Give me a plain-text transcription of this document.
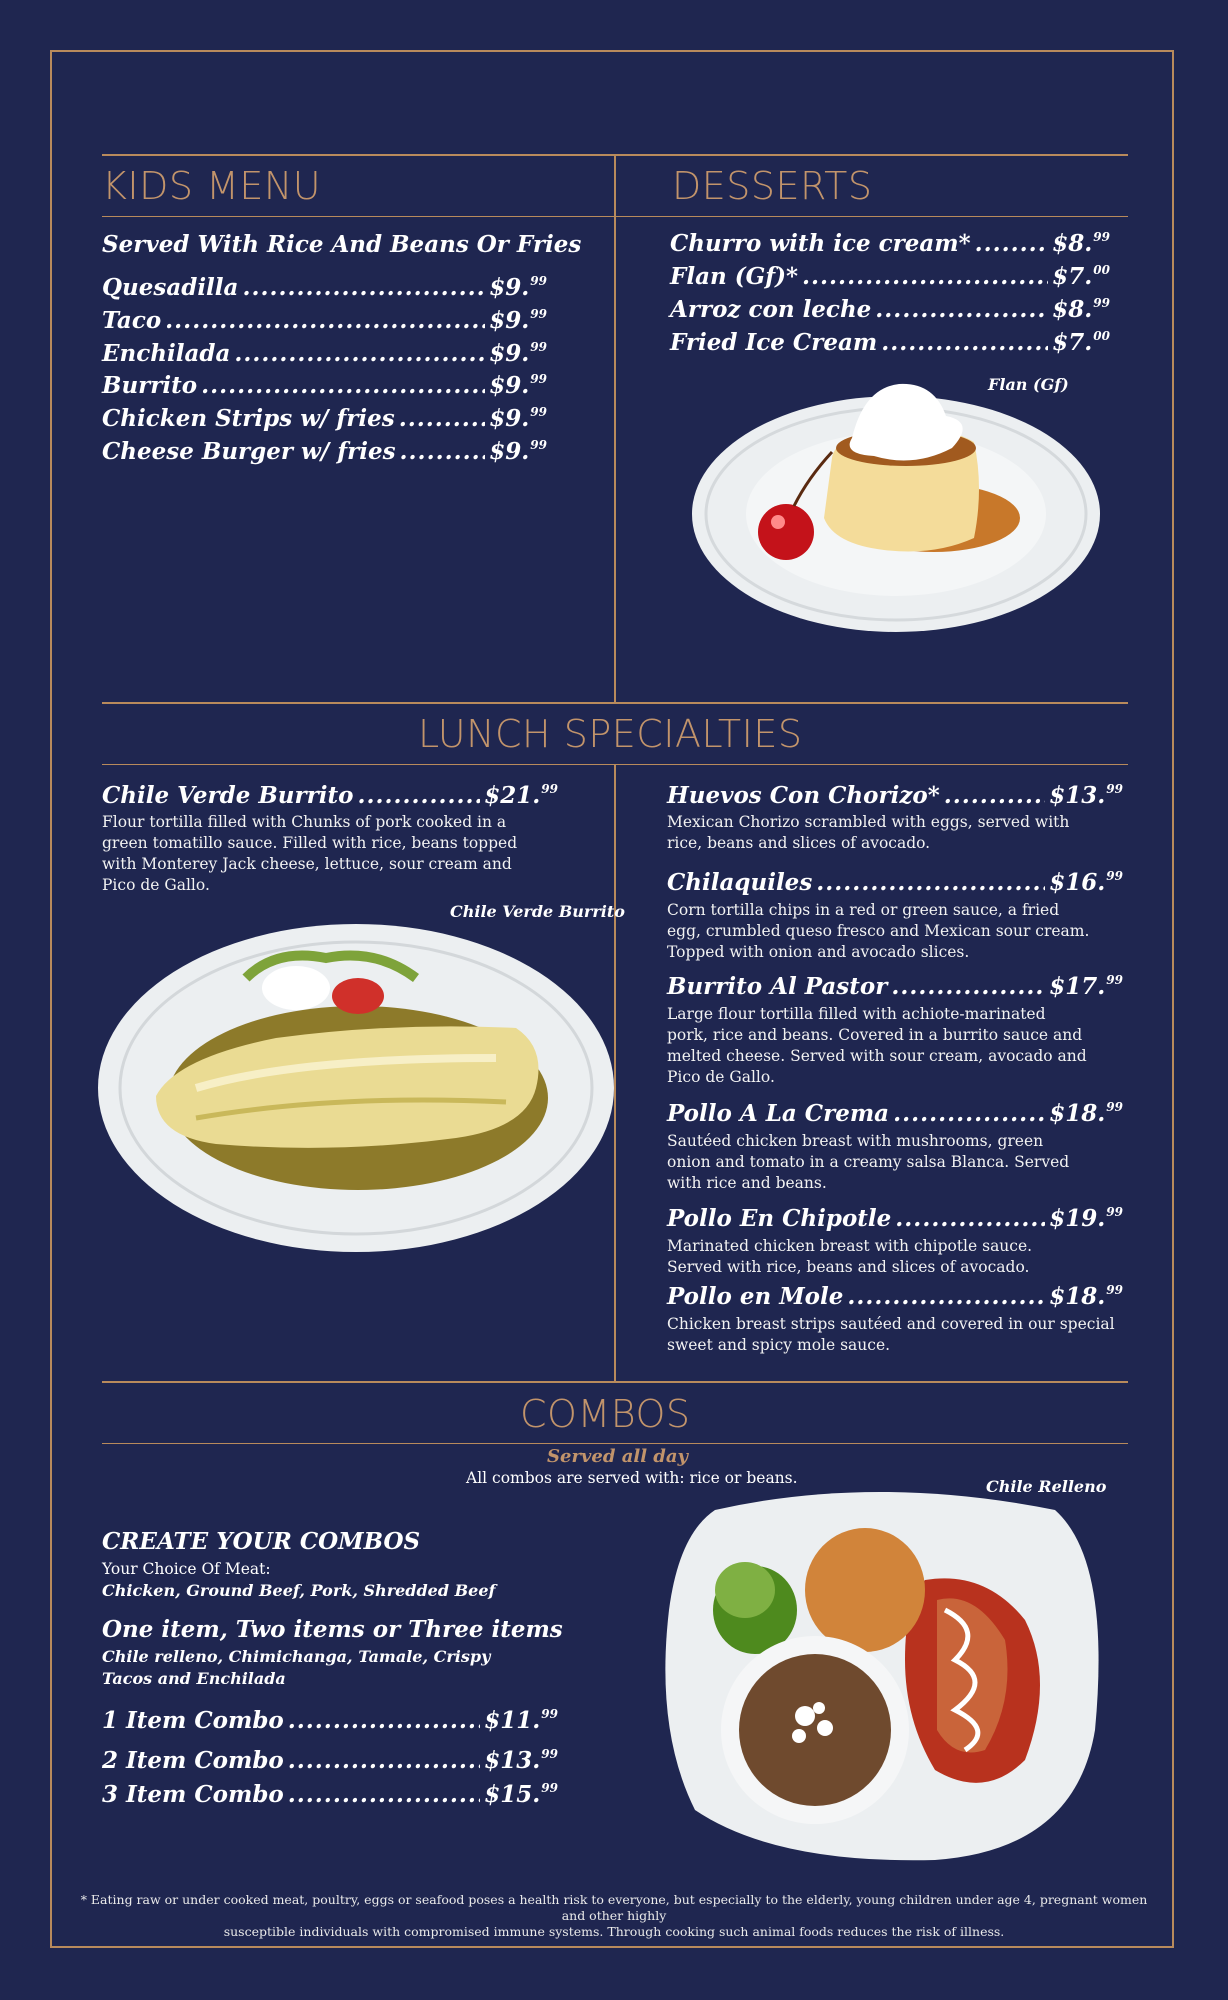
KIDS MENU
Served With Rice And Beans Or Fries
Quesadilla .....	$9.99
Taco .....	$9.99
Enchilada .....	$9.99
Burrito .....	$9.99
Chicken Strips w/ fries .....	$9.99
Cheese Burger w/ fries .....	$9.99
DESSERTS
Churro with ice cream* .....	$8.99
Flan (Gf)* .....	$7.00
Arroz con leche .....	$8.99
Fried Ice Cream .....	$7.00
Flan (Gf)
LUNCH SPECIALTIES
Chile Verde Burrito .....	$21.99
Flour tortilla filled with Chunks of pork cooked in a
green tomatillo sauce. Filled with rice, beans topped
with Monterey Jack cheese, lettuce, sour cream and
Pico de Gallo.
Chile Verde Burrito
Huevos Con Chorizo* .....	$13.99
Mexican Chorizo scrambled with eggs, served with
rice, beans and slices of avocado.
Chilaquiles .....	$16.99
Corn tortilla chips in a red or green sauce, a fried
egg, crumbled queso fresco and Mexican sour cream.
Topped with onion and avocado slices.
Burrito Al Pastor .....	$17.99
Large flour tortilla filled with achiote-marinated
pork, rice and beans. Covered in a burrito sauce and
melted cheese. Served with sour cream, avocado and
Pico de Gallo.
Pollo A La Crema .....	$18.99
Sautéed chicken breast with mushrooms, green
onion and tomato in a creamy salsa Blanca. Served
with rice and beans.
Pollo En Chipotle .....	$19.99
Marinated chicken breast with chipotle sauce.
Served with rice, beans and slices of avocado.
Pollo en Mole .....	$18.99
Chicken breast strips sautéed and covered in our special
sweet and spicy mole sauce.
COMBOS
Served all day
All combos are served with: rice or beans.	Chile Relleno
CREATE YOUR COMBOS
Your Choice Of Meat:
Chicken, Ground Beef, Pork, Shredded Beef
One item, Two items or Three items
Chile relleno, Chimichanga, Tamale, Crispy
Tacos and Enchilada
1 Item Combo .....	$11.99
2 Item Combo .....	$13.99
3 Item Combo .....	$15.99
* Eating raw or under cooked meat, poultry, eggs or seafood poses a health risk to everyone, but especially to the elderly, young children under age 4, pregnant women and other highly
susceptible individuals with compromised immune systems. Through cooking such animal foods reduces the risk of illness.
